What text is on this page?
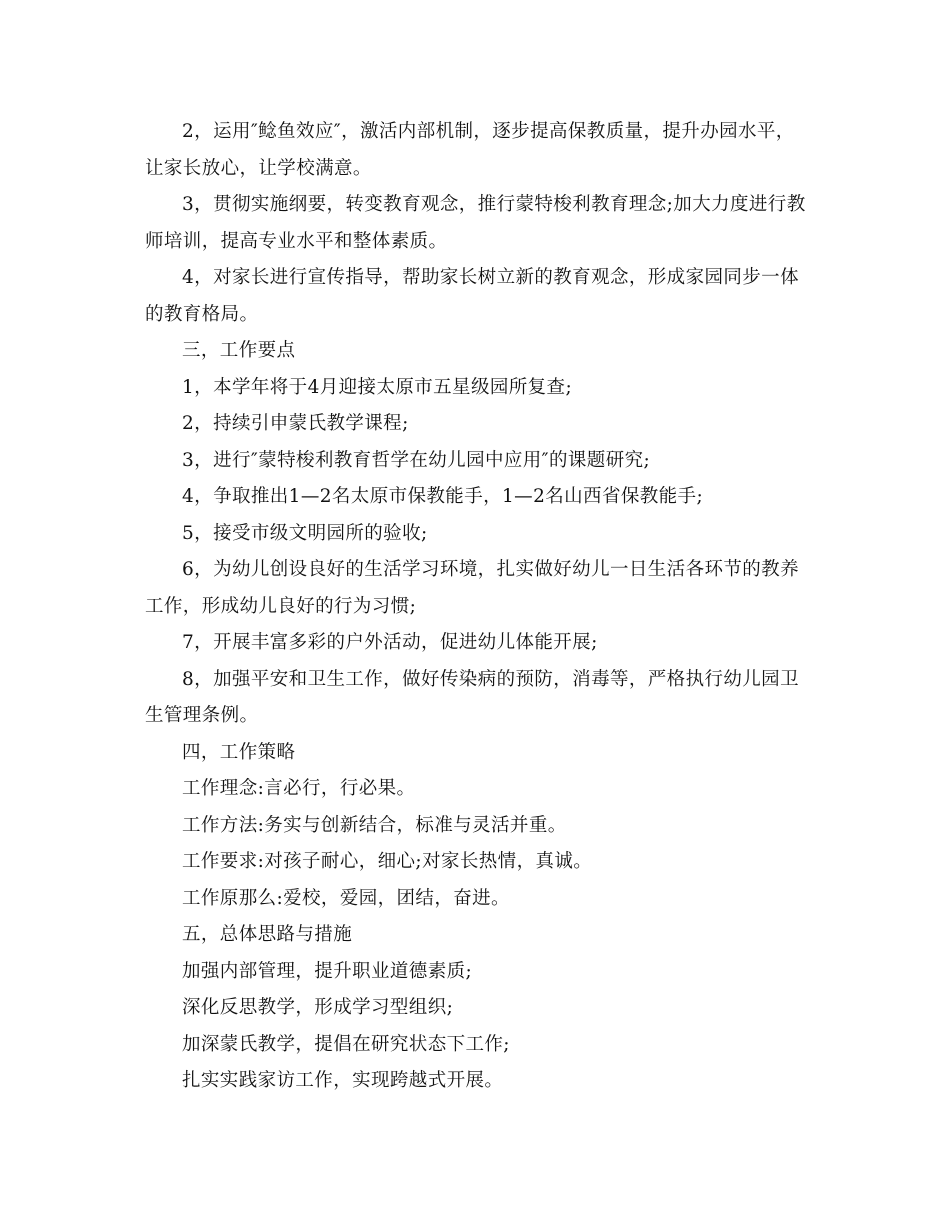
2，运用″鲶鱼效应″，激活内部机制，逐步提高保教质量，提升办园水平，让家长放心，让学校满意。

3，贯彻实施纲要，转变教育观念，推行蒙特梭利教育理念;加大力度进行教师培训，提高专业水平和整体素质。

4，对家长进行宣传指导，帮助家长树立新的教育观念，形成家园同步一体的教育格局。

三，工作要点

1，本学年将于4月迎接太原市五星级园所复查;

2，持续引申蒙氏教学课程;

3，进行″蒙特梭利教育哲学在幼儿园中应用″的课题研究;

4，争取推出1—2名太原市保教能手，1—2名山西省保教能手;

5，接受市级文明园所的验收;

6，为幼儿创设良好的生活学习环境，扎实做好幼儿一日生活各环节的教养工作，形成幼儿良好的行为习惯;

7，开展丰富多彩的户外活动，促进幼儿体能开展;

8，加强平安和卫生工作，做好传染病的预防，消毒等，严格执行幼儿园卫生管理条例。

四，工作策略

工作理念:言必行，行必果。

工作方法:务实与创新结合，标准与灵活并重。

工作要求:对孩子耐心，细心;对家长热情，真诚。

工作原那么:爱校，爱园，团结，奋进。

五，总体思路与措施

加强内部管理，提升职业道德素质;

深化反思教学，形成学习型组织;

加深蒙氏教学，提倡在研究状态下工作;

扎实实践家访工作，实现跨越式开展。
